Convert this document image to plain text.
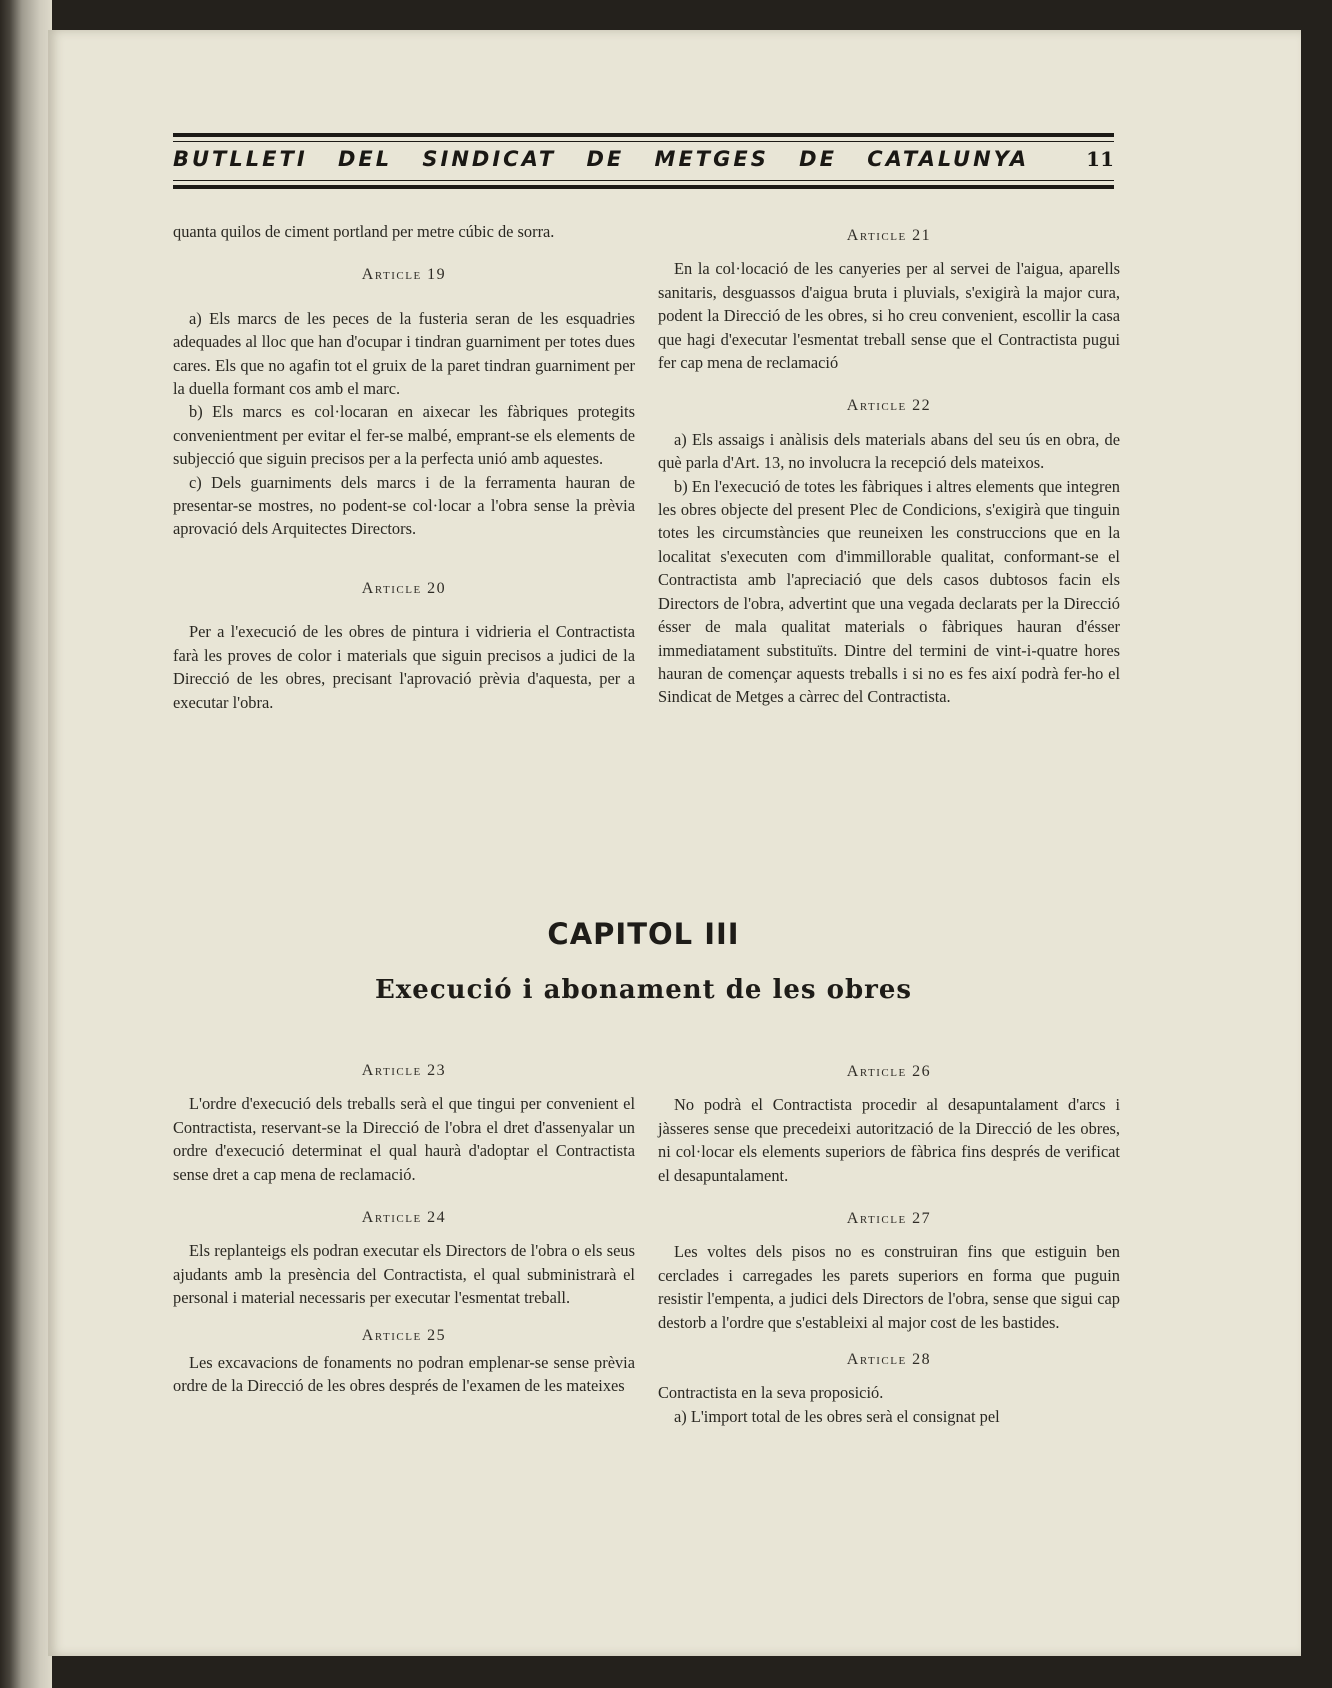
BUTLLETI DEL SINDICAT DE METGES DE CATALUNYA	11

quanta quilos de ciment portland per metre cúbic de sorra.

Article 19

a) Els marcs de les peces de la fusteria seran de les esquadries adequades al lloc que han d'ocupar i tindran guarniment per totes dues cares. Els que no agafin tot el gruix de la paret tindran guarniment per la duella formant cos amb el marc.

b) Els marcs es col·locaran en aixecar les fàbriques protegits convenientment per evitar el fer-se malbé, emprant-se els elements de subjecció que siguin precisos per a la perfecta unió amb aquestes.

c) Dels guarniments dels marcs i de la ferramenta hauran de presentar-se mostres, no podent-se col·locar a l'obra sense la prèvia aprovació dels Arquitectes Directors.

Article 20

Per a l'execució de les obres de pintura i vidrieria el Contractista farà les proves de color i materials que siguin precisos a judici de la Direcció de les obres, precisant l'aprovació prèvia d'aquesta, per a executar l'obra.

Article 21

En la col·locació de les canyeries per al servei de l'aigua, aparells sanitaris, desguassos d'aigua bruta i pluvials, s'exigirà la major cura, podent la Direcció de les obres, si ho creu convenient, escollir la casa que hagi d'executar l'esmentat treball sense que el Contractista pugui fer cap mena de reclamació

Article 22

a) Els assaigs i anàlisis dels materials abans del seu ús en obra, de què parla d'Art. 13, no involucra la recepció dels mateixos.

b) En l'execució de totes les fàbriques i altres elements que integren les obres objecte del present Plec de Condicions, s'exigirà que tinguin totes les circumstàncies que reuneixen les construccions que en la localitat s'executen com d'immillorable qualitat, conformant-se el Contractista amb l'apreciació que dels casos dubtosos facin els Directors de l'obra, advertint que una vegada declarats per la Direcció ésser de mala qualitat materials o fàbriques hauran d'ésser immediatament substituïts. Dintre del termini de vint-i-quatre hores hauran de començar aquests treballs i si no es fes així podrà fer-ho el Sindicat de Metges a càrrec del Contractista.

CAPITOL III
Execució i abonament de les obres

Article 23

L'ordre d'execució dels treballs serà el que tingui per convenient el Contractista, reservant-se la Direcció de l'obra el dret d'assenyalar un ordre d'execució determinat el qual haurà d'adoptar el Contractista sense dret a cap mena de reclamació.

Article 24

Els replanteigs els podran executar els Directors de l'obra o els seus ajudants amb la presència del Contractista, el qual subministrarà el personal i material necessaris per executar l'esmentat treball.

Article 25

Les excavacions de fonaments no podran emplenar-se sense prèvia ordre de la Direcció de les obres després de l'examen de les mateixes

Article 26

No podrà el Contractista procedir al desapuntalament d'arcs i jàsseres sense que precedeixi autorització de la Direcció de les obres, ni col·locar els elements superiors de fàbrica fins després de verificat el desapuntalament.

Article 27

Les voltes dels pisos no es construiran fins que estiguin ben cerclades i carregades les parets superiors en forma que puguin resistir l'empenta, a judici dels Directors de l'obra, sense que sigui cap destorb a l'ordre que s'estableixi al major cost de les bastides.

Article 28

Contractista en la seva proposició.

a) L'import total de les obres serà el consignat pel
